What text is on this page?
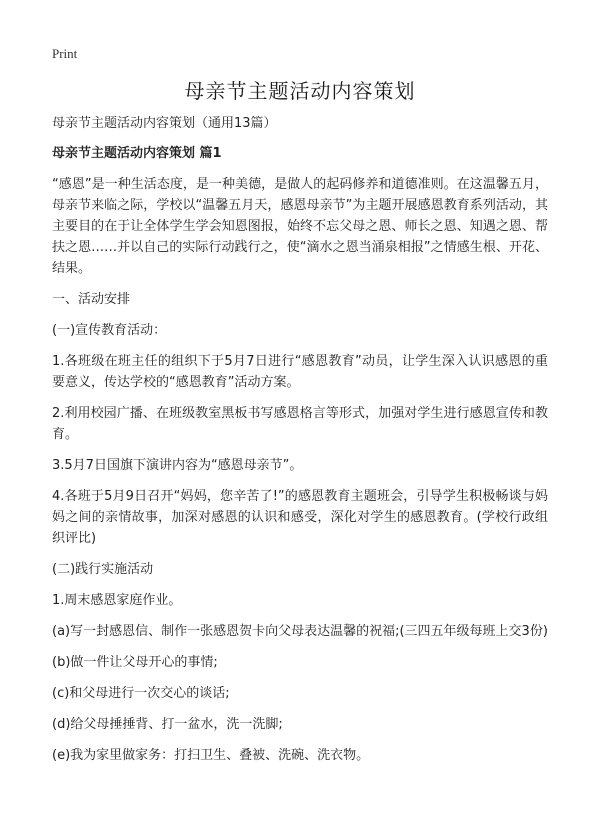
Print
母亲节主题活动内容策划

母亲节主题活动内容策划（通用13篇）

母亲节主题活动内容策划 篇1

“感恩”是一种生活态度，是一种美德，是做人的起码修养和道德准则。在这温馨五月，母亲节来临之际，学校以“温馨五月天，感恩母亲节”为主题开展感恩教育系列活动，其主要目的在于让全体学生学会知恩图报，始终不忘父母之恩、师长之恩、知遇之恩、帮扶之恩……并以自己的实际行动践行之，使“滴水之恩当涌泉相报”之情感生根、开花、结果。

一、活动安排

(一)宣传教育活动：

1.各班级在班主任的组织下于5月7日进行“感恩教育”动员，让学生深入认识感恩的重要意义，传达学校的“感恩教育”活动方案。

2.利用校园广播、在班级教室黑板书写感恩格言等形式，加强对学生进行感恩宣传和教育。

3.5月7日国旗下演讲内容为“感恩母亲节”。

4.各班于5月9日召开“妈妈，您辛苦了!”的感恩教育主题班会，引导学生积极畅谈与妈妈之间的亲情故事，加深对感恩的认识和感受，深化对学生的感恩教育。(学校行政组织评比)

(二)践行实施活动

1.周末感恩家庭作业。

(a)写一封感恩信、制作一张感恩贺卡向父母表达温馨的祝福;(三四五年级每班上交3份)

(b)做一件让父母开心的事情;

(c)和父母进行一次交心的谈话;

(d)给父母捶捶背、打一盆水，洗一洗脚;

(e)我为家里做家务：打扫卫生、叠被、洗碗、洗衣物。
